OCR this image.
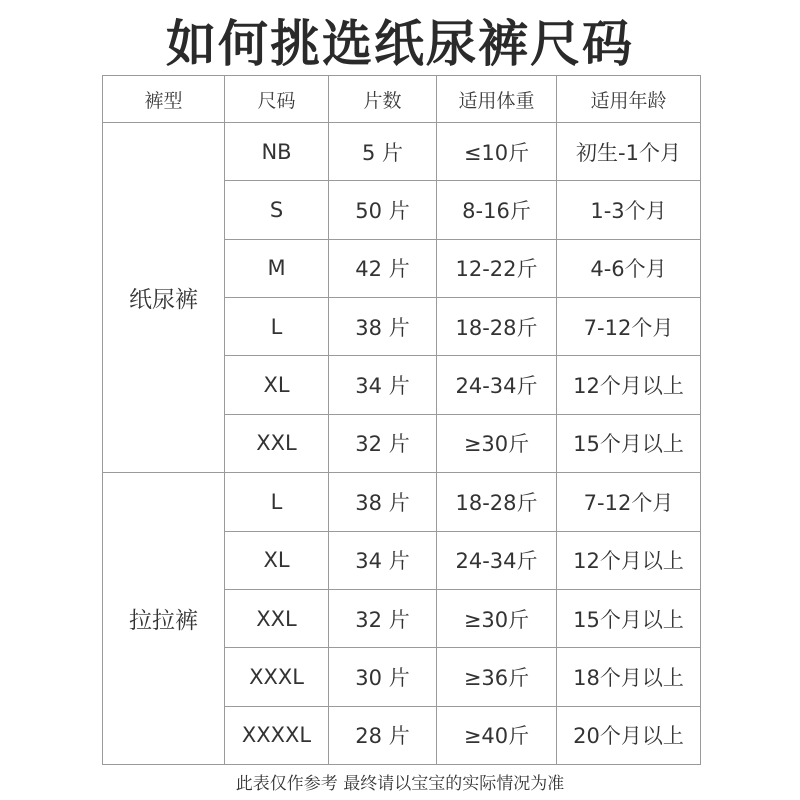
如何挑选纸尿裤尺码
裤型	尺码	片数	适用体重	适用年龄
纸尿裤	NB	5 片	≤10斤	初生-1个月
	S	50 片	8-16斤	1-3个月
	M	42 片	12-22斤	4-6个月
	L	38 片	18-28斤	7-12个月
	XL	34 片	24-34斤	12个月以上
	XXL	32 片	≥30斤	15个月以上
拉拉裤	L	38 片	18-28斤	7-12个月
	XL	34 片	24-34斤	12个月以上
	XXL	32 片	≥30斤	15个月以上
	XXXL	30 片	≥36斤	18个月以上
	XXXXL	28 片	≥40斤	20个月以上
此表仅作参考 最终请以宝宝的实际情况为准
